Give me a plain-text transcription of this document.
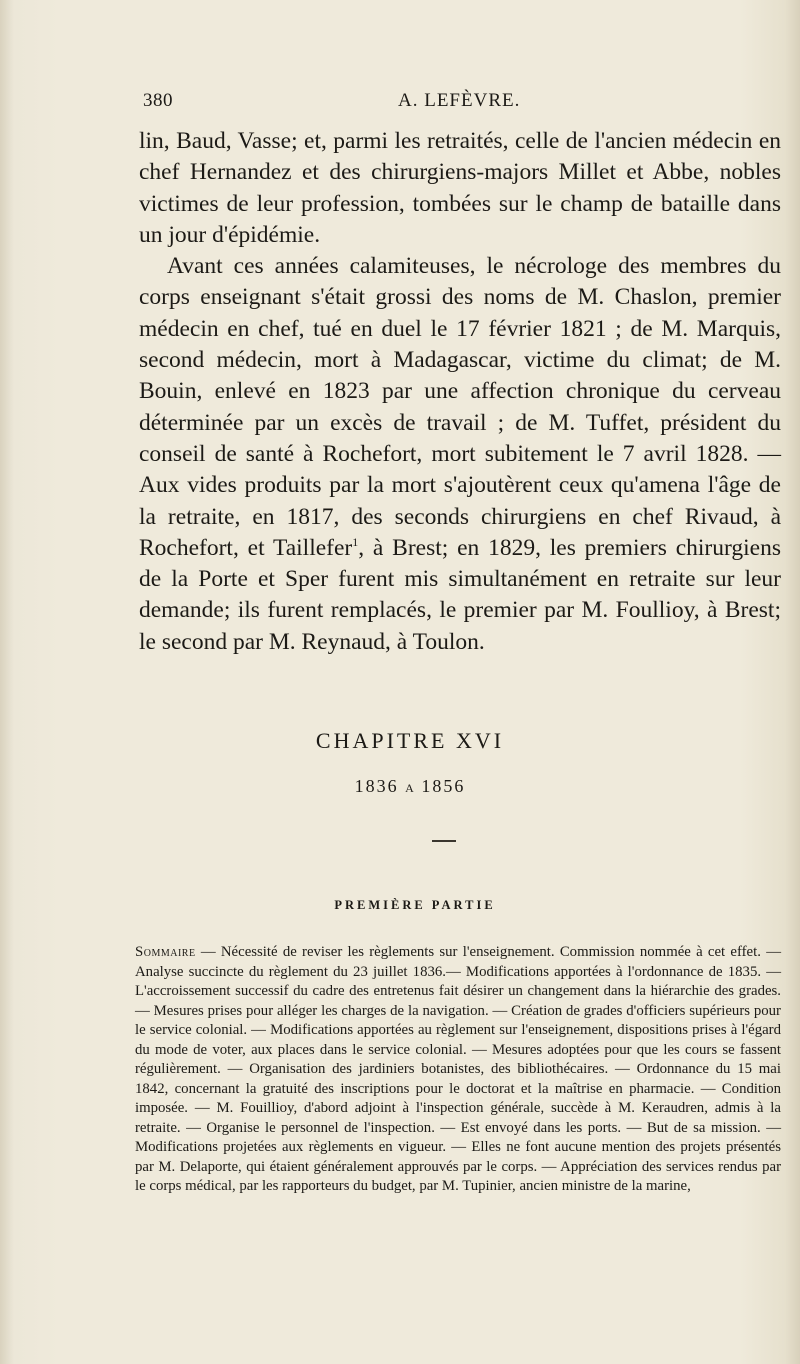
380	A. LEFÈVRE.

lin, Baud, Vasse; et, parmi les retraités, celle de l'ancien médecin en chef Hernandez et des chirurgiens-majors Millet et Abbe, nobles victimes de leur profession, tombées sur le champ de bataille dans un jour d'épidémie.

Avant ces années calamiteuses, le nécrologe des membres du corps enseignant s'était grossi des noms de M. Chaslon, premier médecin en chef, tué en duel le 17 février 1821 ; de M. Marquis, second médecin, mort à Madagascar, victime du climat; de M. Bouin, enlevé en 1823 par une affection chronique du cerveau déterminée par un excès de travail ; de M. Tuffet, président du conseil de santé à Rochefort, mort subitement le 7 avril 1828. — Aux vides produits par la mort s'ajoutèrent ceux qu'amena l'âge de la retraite, en 1817, des seconds chirurgiens en chef Rivaud, à Rochefort, et Taillefer$^1$, à Brest; en 1829, les premiers chirurgiens de la Porte et Sper furent mis simultanément en retraite sur leur demande; ils furent remplacés, le premier par M. Foullioy, à Brest; le second par M. Reynaud, à Toulon.

CHAPITRE XVI
1836 A 1856
PREMIÈRE PARTIE
Sommaire — Nécessité de reviser les règlements sur l'enseignement. Commission nommée à cet effet. — Analyse succincte du règlement du 23 juillet 1836.— Modifications apportées à l'ordonnance de 1835. — L'accroissement successif du cadre des entretenus fait désirer un changement dans la hiérarchie des grades. — Mesures prises pour alléger les charges de la navigation. — Création de grades d'officiers supérieurs pour le service colonial. — Modifications apportées au règlement sur l'enseignement, dispositions prises à l'égard du mode de voter, aux places dans le service colonial. — Mesures adoptées pour que les cours se fassent régulièrement. — Organisation des jardiniers botanistes, des bibliothécaires. — Ordonnance du 15 mai 1842, concernant la gratuité des inscriptions pour le doctorat et la maîtrise en pharmacie. — Condition imposée. — M. Fouillioy, d'abord adjoint à l'inspection générale, succède à M. Keraudren, admis à la retraite. — Organise le personnel de l'inspection. — Est envoyé dans les ports. — But de sa mission. — Modifications projetées aux règlements en vigueur. — Elles ne font aucune mention des projets présentés par M. Delaporte, qui étaient généralement approuvés par le corps. — Appréciation des services rendus par le corps médical, par les rapporteurs du budget, par M. Tupinier, ancien ministre de la marine,
